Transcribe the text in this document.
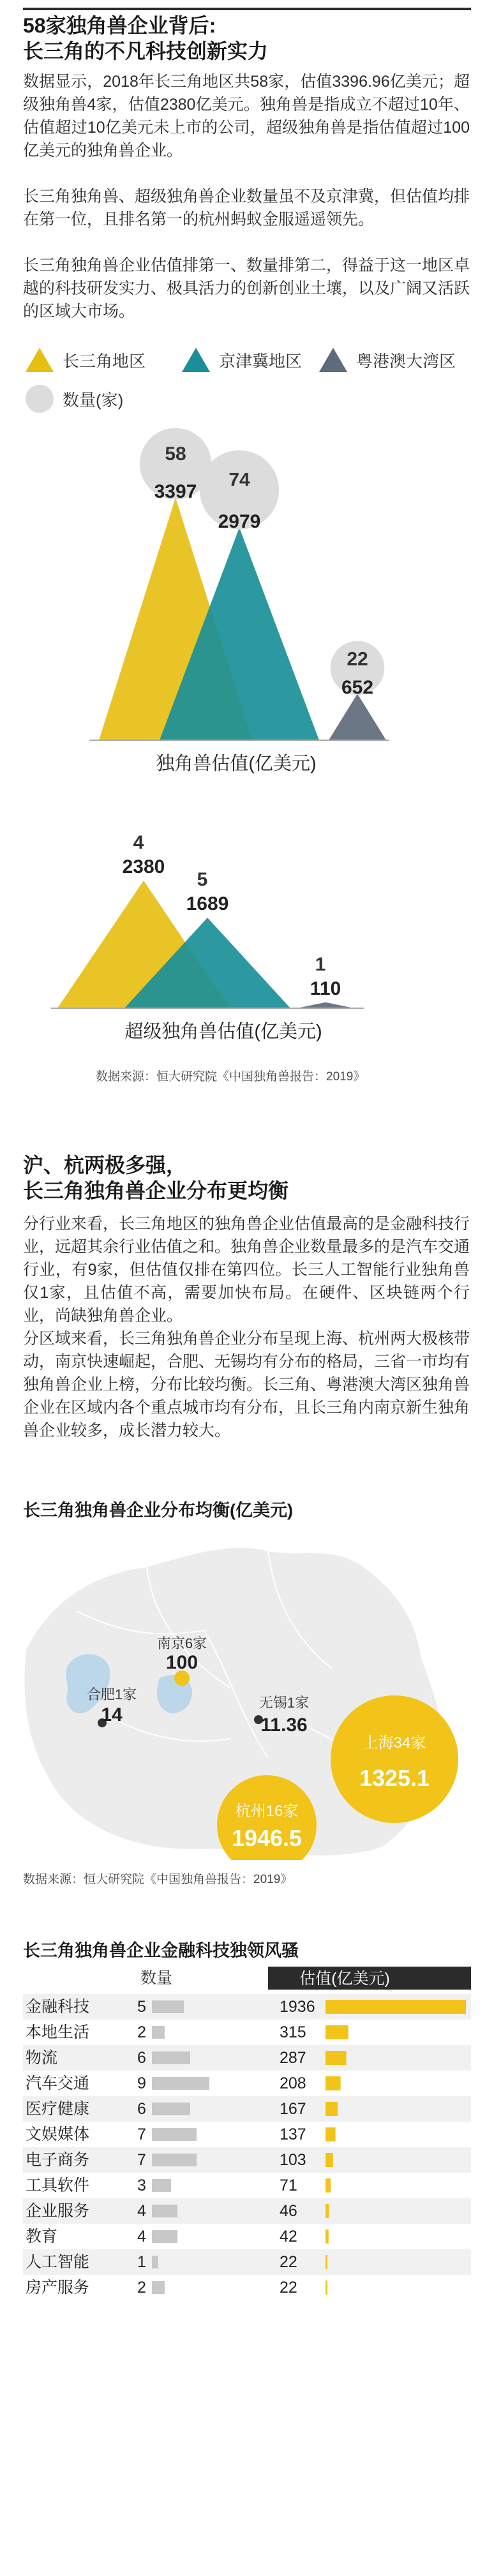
58家独角兽企业背后:
长三角的不凡科技创新实力

数据显示，2018年长三角地区共58家，估值3396.96亿美元；超级独角兽4家，估值2380亿美元。独角兽是指成立不超过10年、估值超过10亿美元未上市的公司，超级独角兽是指估值超过100亿美元的独角兽企业。

长三角独角兽、超级独角兽企业数量虽不及京津冀，但估值均排在第一位，且排名第一的杭州蚂蚁金服遥遥领先。

长三角独角兽企业估值排第一、数量排第二，得益于这一地区卓越的科技研发实力、极具活力的创新创业土壤，以及广阔又活跃的区域大市场。

长三角地区	京津冀地区	粤港澳大湾区
数量(家)
58
3397
74
2979
22
652
独角兽估值(亿美元)
4
2380
5
1689
1
110
超级独角兽估值(亿美元)
数据来源：恒大研究院《中国独角兽报告：2019》
沪、杭两极多强，
长三角独角兽企业分布更均衡

分行业来看，长三角地区的独角兽企业估值最高的是金融科技行业，远超其余行业估值之和。独角兽企业数量最多的是汽车交通行业，有9家，但估值仅排在第四位。长三人工智能行业独角兽仅1家，且估值不高，需要加快布局。在硬件、区块链两个行业，尚缺独角兽企业。

分区域来看，长三角独角兽企业分布呈现上海、杭州两大极核带动，南京快速崛起，合肥、无锡均有分布的格局，三省一市均有独角兽企业上榜，分布比较均衡。长三角、粤港澳大湾区独角兽企业在区域内各个重点城市均有分布，且长三角内南京新生独角兽企业较多，成长潜力较大。

长三角独角兽企业分布均衡(亿美元)
南京6家
100
合肥1家
14
无锡1家
11.36
上海34家
1325.1
杭州16家
1946.5
数据来源：恒大研究院《中国独角兽报告：2019》
长三角独角兽企业金融科技独领风骚
数量	估值(亿美元)
金融科技	5	1936
本地生活	2	315
物流	6	287
汽车交通	9	208
医疗健康	6	167
文娱媒体	7	137
电子商务	7	103
工具软件	3	71
企业服务	4	46
教育	4	42
人工智能	1	22
房产服务	2	22
